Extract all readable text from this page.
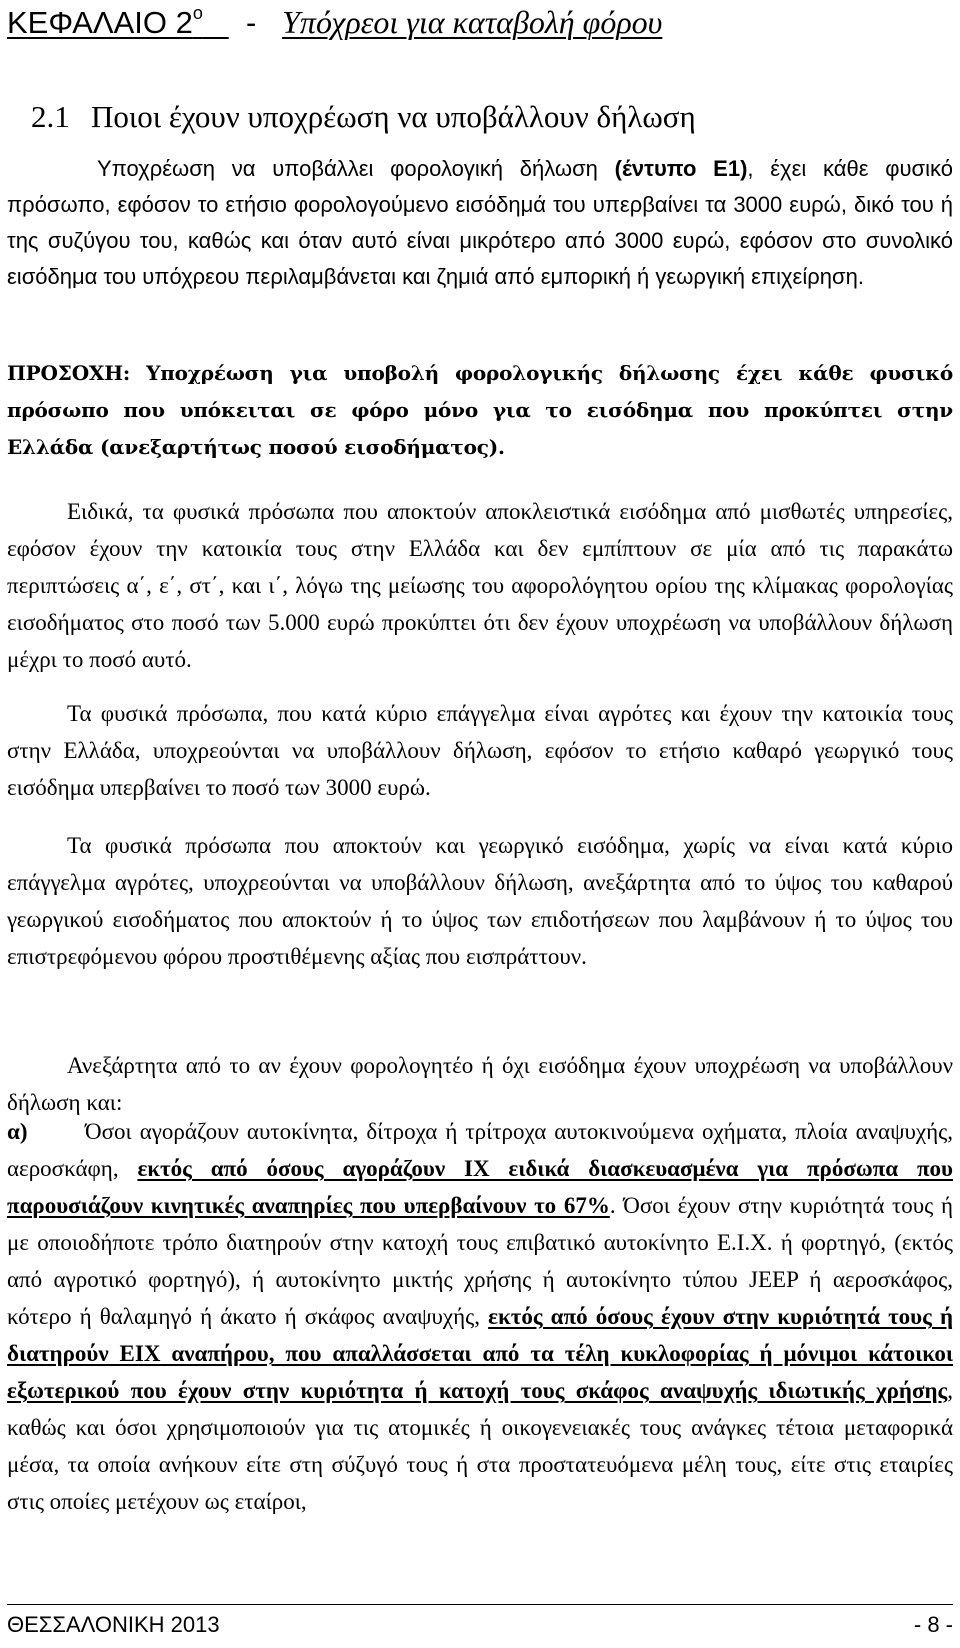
ΚΕΦΑΛΑΙΟ $2^o$ - Υπόχρεοι για καταβολή φόρου
2.1 Ποιοι έχουν υποχρέωση να υποβάλλουν δήλωση
Υποχρέωση να υποβάλλει φορολογική δήλωση (έντυπο Ε1), έχει κάθε φυσικό πρόσωπο, εφόσον το ετήσιο φορολογούμενο εισόδημά του υπερβαίνει τα 3000 ευρώ, δικό του ή της συζύγου του, καθώς και όταν αυτό είναι μικρότερο από 3000 ευρώ, εφόσον στο συνολικό εισόδημα του υπόχρεου περιλαμβάνεται και ζημιά από εμπορική ή γεωργική επιχείρηση.
ΠΡΟΣΟΧΗ: Υποχρέωση για υποβολή φορολογικής δήλωσης έχει κάθε φυσικό πρόσωπο που υπόκειται σε φόρο μόνο για το εισόδημα που προκύπτει στην Ελλάδα (ανεξαρτήτως ποσού εισοδήματος).

Ειδικά, τα φυσικά πρόσωπα που αποκτούν αποκλειστικά εισόδημα από μισθωτές υπηρεσίες, εφόσον έχουν την κατοικία τους στην Ελλάδα και δεν εμπίπτουν σε μία από τις παρακάτω περιπτώσεις α΄, ε΄, στ΄, και ι΄, λόγω της μείωσης του αφορολόγητου ορίου της κλίμακας φορολογίας εισοδήματος στο ποσό των 5.000 ευρώ προκύπτει ότι δεν έχουν υποχρέωση να υποβάλλουν δήλωση μέχρι το ποσό αυτό.

Τα φυσικά πρόσωπα, που κατά κύριο επάγγελμα είναι αγρότες και έχουν την κατοικία τους στην Ελλάδα, υποχρεούνται να υποβάλλουν δήλωση, εφόσον το ετήσιο καθαρό γεωργικό τους εισόδημα υπερβαίνει το ποσό των 3000 ευρώ.

Τα φυσικά πρόσωπα που αποκτούν και γεωργικό εισόδημα, χωρίς να είναι κατά κύριο επάγγελμα αγρότες, υποχρεούνται να υποβάλλουν δήλωση, ανεξάρτητα από το ύψος του καθαρού γεωργικού εισοδήματος που αποκτούν ή το ύψος των επιδοτήσεων που λαμβάνουν ή το ύψος του επιστρεφόμενου φόρου προστιθέμενης αξίας που εισπράττουν.

Ανεξάρτητα από το αν έχουν φορολογητέο ή όχι εισόδημα έχουν υποχρέωση να υποβάλλουν δήλωση και:

α)	Όσοι αγοράζουν αυτοκίνητα, δίτροχα ή τρίτροχα αυτοκινούμενα οχήματα, πλοία αναψυχής, αεροσκάφη, εκτός από όσους αγοράζουν ΙΧ ειδικά διασκευασμένα για πρόσωπα που παρουσιάζουν κινητικές αναπηρίες που υπερβαίνουν το 67%. Όσοι έχουν στην κυριότητά τους ή με οποιοδήποτε τρόπο διατηρούν στην κατοχή τους επιβατικό αυτοκίνητο Ε.Ι.Χ. ή φορτηγό, (εκτός από αγροτικό φορτηγό), ή αυτοκίνητο μικτής χρήσης ή αυτοκίνητο τύπου JEEP ή αεροσκάφος, κότερο ή θαλαμηγό ή άκατο ή σκάφος αναψυχής, εκτός από όσους έχουν στην κυριότητά τους ή διατηρούν ΕΙΧ αναπήρου, που απαλλάσσεται από τα τέλη κυκλοφορίας ή μόνιμοι κάτοικοι εξωτερικού που έχουν στην κυριότητα ή κατοχή τους σκάφος αναψυχής ιδιωτικής χρήσης, καθώς και όσοι χρησιμοποιούν για τις ατομικές ή οικογενειακές τους ανάγκες τέτοια μεταφορικά μέσα, τα οποία ανήκουν είτε στη σύζυγό τους ή στα προστατευόμενα μέλη τους, είτε στις εταιρίες στις οποίες μετέχουν ως εταίροι,

ΘΕΣΣΑΛΟΝΙΚΗ 2013	- 8 -
